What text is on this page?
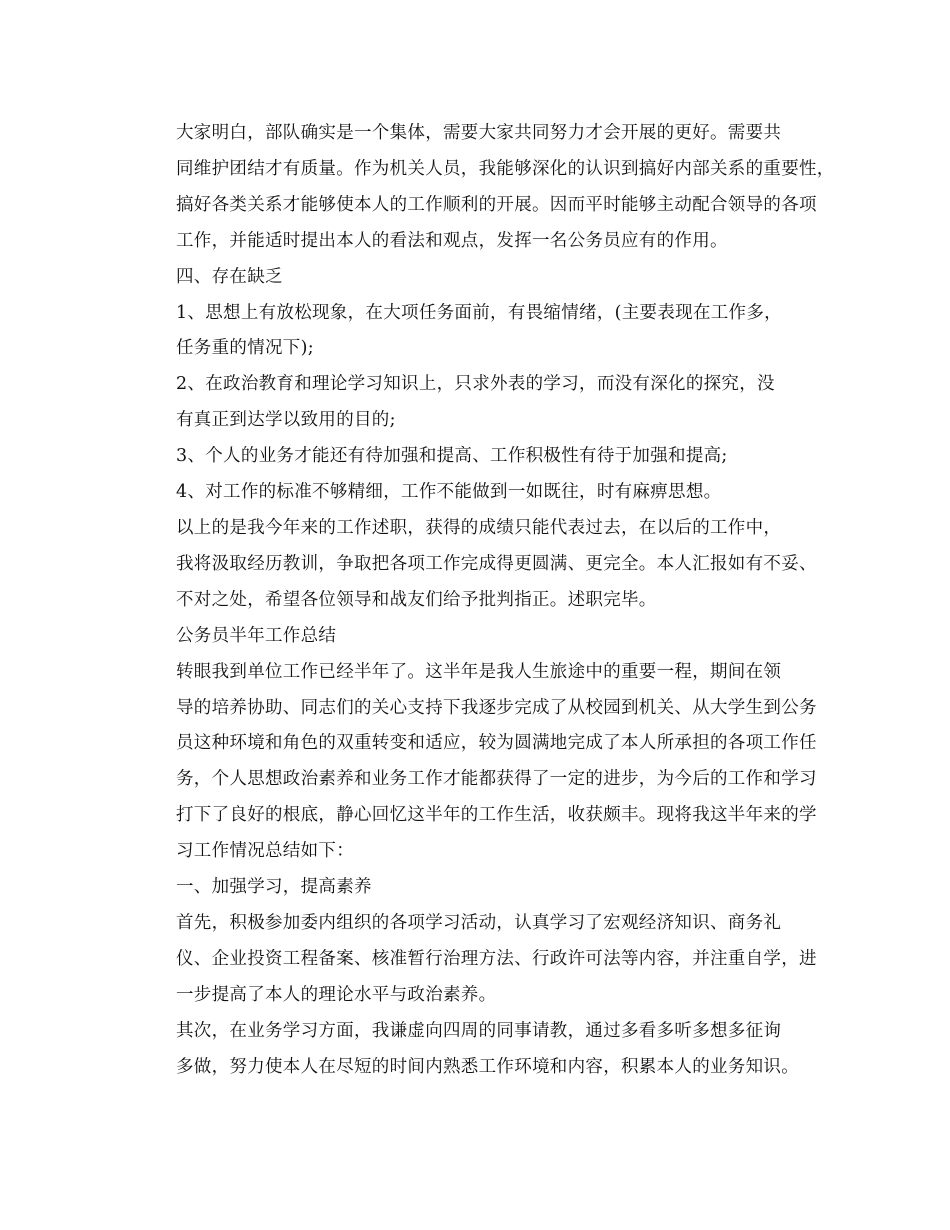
大家明白，部队确实是一个集体，需要大家共同努力才会开展的更好。需要共
同维护团结才有质量。作为机关人员，我能够深化的认识到搞好内部关系的重要性，
搞好各类关系才能够使本人的工作顺利的开展。因而平时能够主动配合领导的各项
工作，并能适时提出本人的看法和观点，发挥一名公务员应有的作用。

四、存在缺乏

1、思想上有放松现象，在大项任务面前，有畏缩情绪，(主要表现在工作多，
任务重的情况下);

2、在政治教育和理论学习知识上，只求外表的学习，而没有深化的探究，没
有真正到达学以致用的目的;

3、个人的业务才能还有待加强和提高、工作积极性有待于加强和提高;

4、对工作的标准不够精细，工作不能做到一如既往，时有麻痹思想。

以上的是我今年来的工作述职，获得的成绩只能代表过去，在以后的工作中，
我将汲取经历教训，争取把各项工作完成得更圆满、更完全。本人汇报如有不妥、
不对之处，希望各位领导和战友们给予批判指正。述职完毕。

公务员半年工作总结

转眼我到单位工作已经半年了。这半年是我人生旅途中的重要一程，期间在领
导的培养协助、同志们的关心支持下我逐步完成了从校园到机关、从大学生到公务
员这种环境和角色的双重转变和适应，较为圆满地完成了本人所承担的各项工作任
务，个人思想政治素养和业务工作才能都获得了一定的进步，为今后的工作和学习
打下了良好的根底，静心回忆这半年的工作生活，收获颇丰。现将我这半年来的学
习工作情况总结如下：

一、加强学习，提高素养

首先，积极参加委内组织的各项学习活动，认真学习了宏观经济知识、商务礼
仪、企业投资工程备案、核准暂行治理方法、行政许可法等内容，并注重自学，进
一步提高了本人的理论水平与政治素养。

其次，在业务学习方面，我谦虚向四周的同事请教，通过多看多听多想多征询
多做，努力使本人在尽短的时间内熟悉工作环境和内容，积累本人的业务知识。
